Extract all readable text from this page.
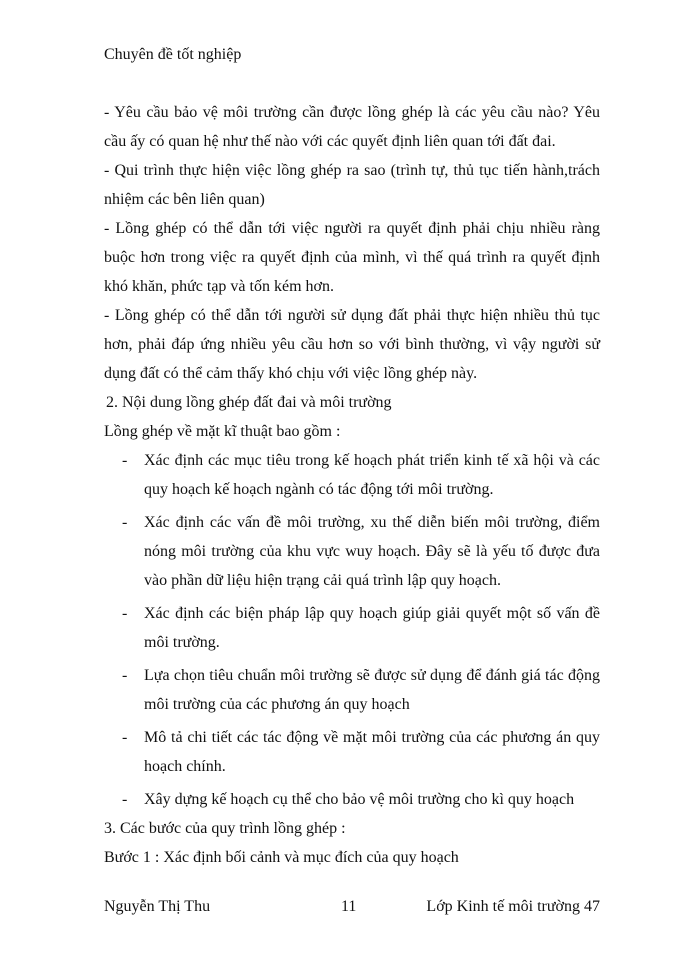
Chuyên đề tốt nghiệp

- Yêu cầu bảo vệ môi trường cần được lồng ghép là các yêu cầu nào? Yêu cầu ấy có quan hệ như thế nào với các quyết định liên quan tới đất đai.

- Qui trình thực hiện việc lồng ghép ra sao (trình tự, thủ tục tiến hành,trách nhiệm các bên liên quan)

- Lồng ghép có thể dẫn tới việc người ra quyết định phải chịu nhiều ràng buộc hơn trong việc ra quyết định của mình, vì thế quá trình ra quyết định khó khăn, phức tạp và tốn kém hơn.

- Lồng ghép có thể dẫn tới người sử dụng đất phải thực hiện nhiều thủ tục hơn, phải đáp ứng nhiều yêu cầu hơn so với bình thường, vì vậy người sử dụng đất có thể cảm thấy khó chịu với việc lồng ghép này.

2. Nội dung lồng ghép đất đai và môi trường

Lồng ghép về mặt kĩ thuật bao gồm :

- Xác định các mục tiêu trong kế hoạch phát triển kinh tế xã hội và các quy hoạch kế hoạch ngành có tác động tới môi trường.
- Xác định các vấn đề môi trường, xu thế diễn biến môi trường, điểm nóng môi trường của khu vực wuy hoạch. Đây sẽ là yếu tố được đưa vào phần dữ liệu hiện trạng cải quá trình lập quy hoạch.
- Xác định các biện pháp lập quy hoạch giúp giải quyết một số vấn đề môi trường.
- Lựa chọn tiêu chuẩn môi trường sẽ được sử dụng để đánh giá tác động môi trường của các phương án quy hoạch
- Mô tả chi tiết các tác động về mặt môi trường của các phương án quy hoạch chính.
- Xây dựng kế hoạch cụ thể cho bảo vệ môi trường cho kì quy hoạch

3. Các bước của quy trình lồng ghép :

Bước 1 : Xác định bối cảnh và mục đích của quy hoạch

Nguyễn Thị Thu	11	Lớp Kinh tế môi trường 47
